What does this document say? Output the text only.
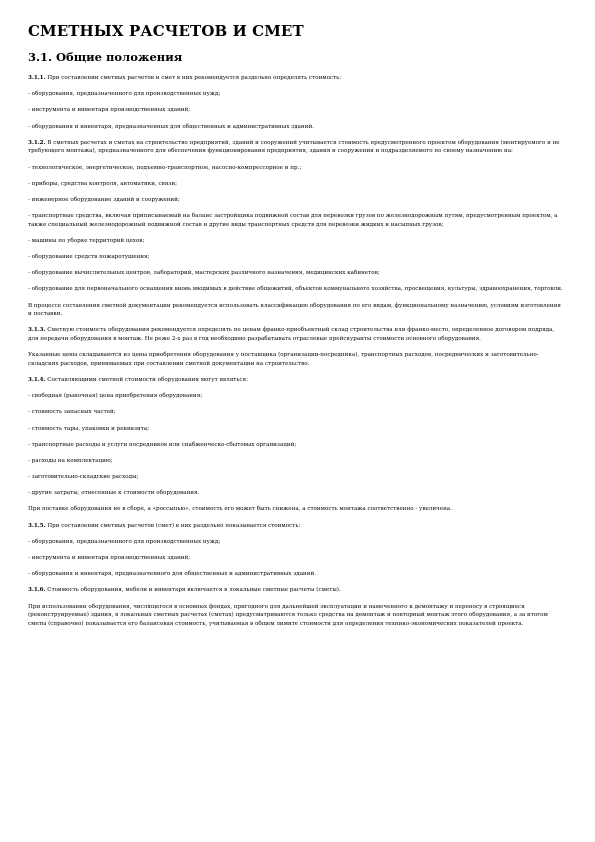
СМЕТНЫХ РАСЧЕТОВ И СМЕТ
3.1. Общие положения

3.1.1. При составлении сметных расчетов и смет в них рекомендуется раздельно определять стоимость:

- оборудования, предназначенного для производственных нужд;

- инструмента и инвентаря производственных зданий;

- оборудования и инвентаря, предназначенных для общественных и административных зданий.

3.1.2. В сметных расчетах и сметах на строительство предприятий, зданий и сооружений учитывается стоимость предусмотренного проектом оборудования (монтируемого и не требующего монтажа), предназначенного для обеспечения функционирования предприятия, здания и сооружения и подразделяемого по своему назначению на:

- технологическое, энергетическое, подъемно-транспортное, насосно-компрессорное и пр.;

- приборы, средства контроля, автоматики, связи;

- инженерное оборудование зданий и сооружений;

- транспортные средства, включая приписываемый на баланс застройщика подвижной состав для перевозки грузов по железнодорожным путям, предусмотренным проектом, а также специальный железнодорожный подвижной состав и другие виды транспортных средств для перевозки жидких и насыпных грузов;

- машины по уборке территорий цехов;

- оборудование средств пожаротушения;

- оборудование вычислительных центров, лабораторий, мастерских различного назначения, медицинских кабинетов;

- оборудование для первоначального оснащения вновь вводимых в действие общежитий, объектов коммунального хозяйства, просвещения, культуры, здравоохранения, торговли.

В процессе составления сметной документации рекомендуется использовать классификацию оборудования по его видам, функциональному назначению, условиям изготовления и поставки.

3.1.3. Сметную стоимость оборудования рекомендуется определять по ценам франко-приобъектный склад строительства или франко-место, определенное договором подряда, для передачи оборудования в монтаж. Не реже 2-х раз в год необходимо разрабатывать отраслевые прейскуранты стоимости основного оборудования.

Указанные цены складываются из цены приобретения оборудования у поставщика (организации-посредника), транспортных расходов, посреднических и заготовительно-складских расходов, принимаемых при составлении сметной документации на строительство.

3.1.4. Составляющими сметной стоимости оборудования могут являться:

- свободная (рыночная) цена приобретения оборудования;

- стоимость запасных частей;

- стоимость тары, упаковки и реквизита;

- транспортные расходы и услуги посредников или снабженческо-сбытовых организаций;

- расходы на комплектацию;

- заготовительно-складские расходы;

- другие затраты, отнесенные к стоимости оборудования.

При поставке оборудования не в сборе, а «россыпью», стоимость его может быть снижена, а стоимость монтажа соответственно - увеличена.

3.1.5. При составлении сметных расчетов (смет) в них раздельно показывается стоимость:

- оборудования, предназначенного для производственных нужд;

- инструмента и инвентаря производственных зданий;

- оборудования и инвентаря, предназначенного для общественных и административных зданий.

3.1.6. Стоимость оборудования, мебели и инвентаря включается в локальные сметные расчеты (сметы).

При использовании оборудования, числящегося в основных фондах, пригодного для дальнейшей эксплуатации и намеченного к демонтажу и переносу в строящиеся (реконструируемые) здания, в локальных сметных расчетах (сметах) предусматриваются только средства на демонтаж и повторный монтаж этого оборудования, а за итогом сметы (справочно) показывается его балансовая стоимость, учитываемая в общем лимите стоимости для определения технико-экономических показателей проекта.
